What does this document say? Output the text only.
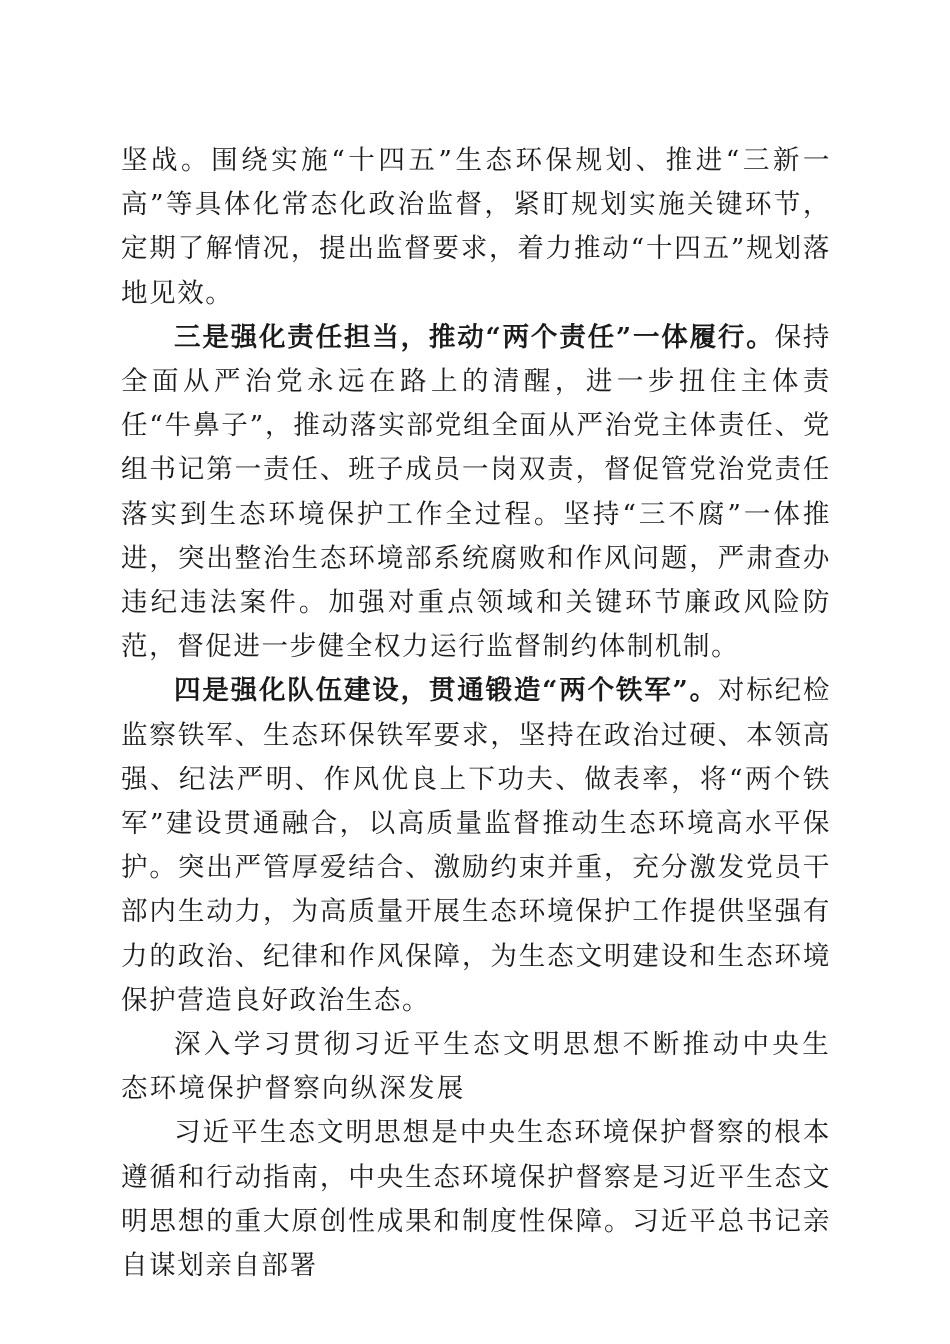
坚战。围绕实施“十四五”生态环保规划、推进“三新一高”等具体化常态化政治监督，紧盯规划实施关键环节，定期了解情况，提出监督要求，着力推动“十四五”规划落地见效。

三是强化责任担当，推动“两个责任”一体履行。保持全面从严治党永远在路上的清醒，进一步扭住主体责任“牛鼻子”，推动落实部党组全面从严治党主体责任、党组书记第一责任、班子成员一岗双责，督促管党治党责任落实到生态环境保护工作全过程。坚持“三不腐”一体推进，突出整治生态环境部系统腐败和作风问题，严肃查办违纪违法案件。加强对重点领域和关键环节廉政风险防范，督促进一步健全权力运行监督制约体制机制。

四是强化队伍建设，贯通锻造“两个铁军”。对标纪检监察铁军、生态环保铁军要求，坚持在政治过硬、本领高强、纪法严明、作风优良上下功夫、做表率，将“两个铁军”建设贯通融合，以高质量监督推动生态环境高水平保护。突出严管厚爱结合、激励约束并重，充分激发党员干部内生动力，为高质量开展生态环境保护工作提供坚强有力的政治、纪律和作风保障，为生态文明建设和生态环境保护营造良好政治生态。

深入学习贯彻习近平生态文明思想不断推动中央生态环境保护督察向纵深发展

习近平生态文明思想是中央生态环境保护督察的根本遵循和行动指南，中央生态环境保护督察是习近平生态文明思想的重大原创性成果和制度性保障。习近平总书记亲自谋划亲自部署
